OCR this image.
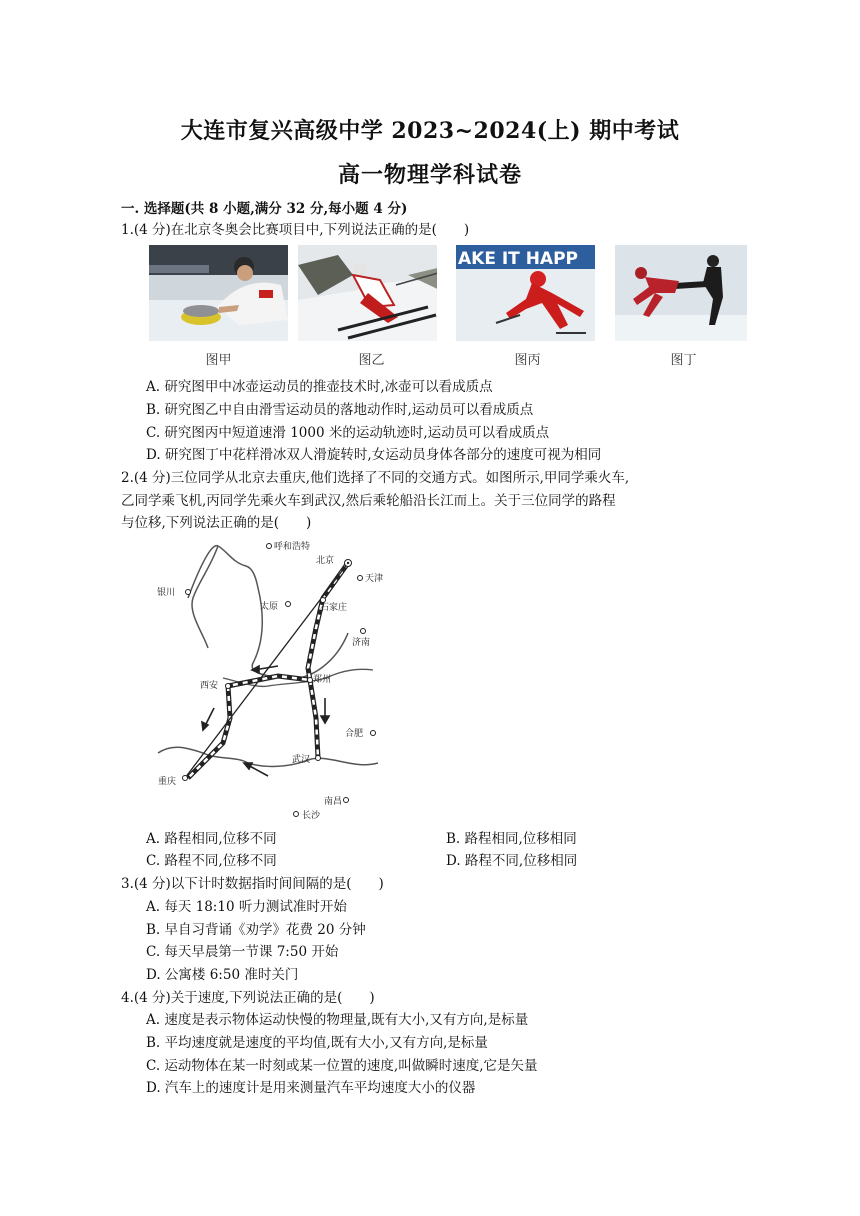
大连市复兴高级中学 2023~2024(上) 期中考试
高一物理学科试卷
一. 选择题(共 8 小题,满分 32 分,每小题 4 分)
1.(4 分)在北京冬奥会比赛项目中,下列说法正确的是(　　)
AKE IT HAPP
图甲	图乙	图丙	图丁
A. 研究图甲中冰壶运动员的推壶技术时,冰壶可以看成质点
B. 研究图乙中自由滑雪运动员的落地动作时,运动员可以看成质点
C. 研究图丙中短道速滑 1000 米的运动轨迹时,运动员可以看成质点
D. 研究图丁中花样滑冰双人滑旋转时,女运动员身体各部分的速度可视为相同
2.(4 分)三位同学从北京去重庆,他们选择了不同的交通方式。如图所示,甲同学乘火车,
乙同学乘飞机,丙同学先乘火车到武汉,然后乘轮船沿长江而上。关于三位同学的路程
与位移,下列说法正确的是(　　)
呼和浩特
北京
天津
银川
太原	石家庄
济南
西安
郑州
合肥
武汉
重庆
南昌
长沙
A. 路程相同,位移不同	B. 路程相同,位移相同
C. 路程不同,位移不同	D. 路程不同,位移相同
3.(4 分)以下计时数据指时间间隔的是(　　)
A. 每天 18:10 听力测试准时开始
B. 早自习背诵《劝学》花费 20 分钟
C. 每天早晨第一节课 7:50 开始
D. 公寓楼 6:50 准时关门
4.(4 分)关于速度,下列说法正确的是(　　)
A. 速度是表示物体运动快慢的物理量,既有大小,又有方向,是标量
B. 平均速度就是速度的平均值,既有大小,又有方向,是标量
C. 运动物体在某一时刻或某一位置的速度,叫做瞬时速度,它是矢量
D. 汽车上的速度计是用来测量汽车平均速度大小的仪器
